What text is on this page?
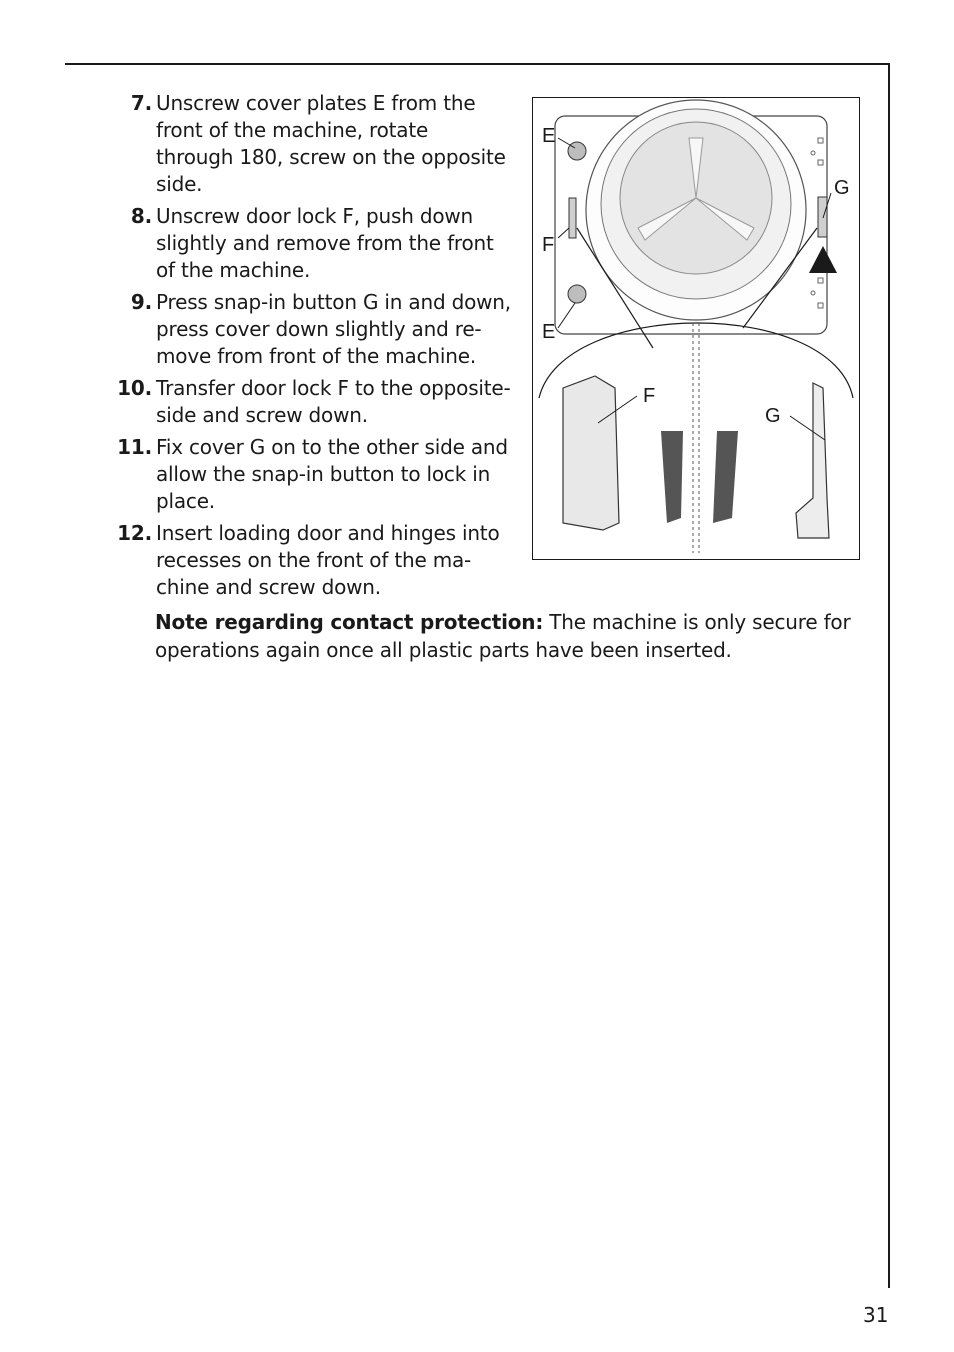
7. Unscrew cover plates E from the
front of the machine, rotate
through 180, screw on the opposite
side.
8. Unscrew door lock F, push down
slightly and remove from the front
of the machine.
9. Press snap-in button G in and down,
press cover down slightly and re-
move from front of the machine.
10. Transfer door lock F to the opposite-
side and screw down.
11. Fix cover G on to the other side and
allow the snap-in button to lock in
place.
12. Insert loading door and hinges into
recesses on the front of the ma-
chine and screw down.

Note regarding contact protection: The machine is only secure for operations again once all plastic parts have been inserted.

E
F
E
G
F
G
31
